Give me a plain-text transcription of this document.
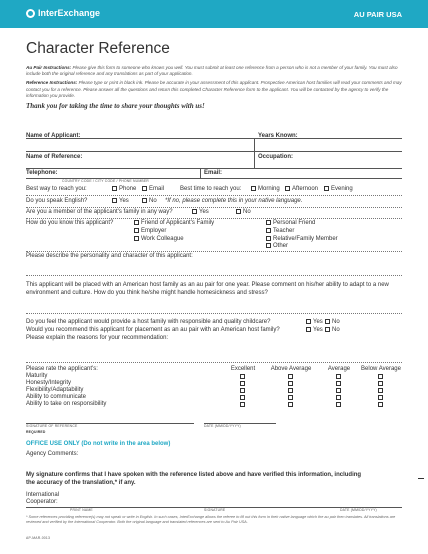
InterExchange	AU PAIR USA
Character Reference

Au Pair Instructions: Please give this form to someone who knows you well. You must submit at least one reference from a person who is not a member of your family. You must also include both the original reference and any translations as part of your application.

Reference Instructions: Please type or print in black ink. Please be accurate in your assessment of this applicant. Prospective American host families will read your comments and may contact you for a reference. Please answer all the questions and return this completed Character Reference form to the applicant. You will be contacted by the agency to verify the information you provide.

Thank you for taking the time to share your thoughts with us!

Name of Applicant:	Years Known:
Name of Reference:	Occupation:
Telephone:	Email:
COUNTRY CODE / CITY CODE / PHONE NUMBER
Best way to reach you:	Phone	Email	Best time to reach you:	Morning	Afternoon	Evening
Do you speak English?	Yes	No *If no, please complete this in your native language.
Are you a member of the applicant's family in any way?	Yes	No
How do you know this applicant?	Friend of Applicant's Family
Employer
Work Colleague
Personal Friend
Teacher
Relative/Family Member
Other
Please describe the personality and character of this applicant:
This applicant will be placed with an American host family as an au pair for one year. Please comment on his/her ability to adapt to a new environment and culture. How do you think he/she might handle homesickness and stress?
Do you feel the applicant would provide a host family with responsible and quality childcare?	Yes	No
Would you recommend this applicant for placement as an au pair with an American host family?	Yes	No
Please explain the reasons for your recommendation:
Please rate the applicant's:	Excellent	Above Average	Average	Below Average
Maturity
Honesty/Integrity
Flexibility/Adaptability
Ability to communicate
Ability to take on responsibility
SIGNATURE OF REFERENCE	DATE (MM/DD/YYYY)
REQUIRED
OFFICE USE ONLY (Do not write in the area below)
Agency Comments:
My signature confirms that I have spoken with the reference listed above and have verified this information, including the accuracy of the translation,* if any.
International
Cooperator:
PRINT NAME	SIGNATURE	DATE (MM/DD/YYYY)
* Some references providing reference(s) may not speak or write in English. In such cases, InterExchange allows the referee to fill out this form in their native language which the au pair then translates. All translations are reviewed and verified by the International Cooperator. Both the original language and translated references are sent to Au Pair USA.
AP-MAR-0013
